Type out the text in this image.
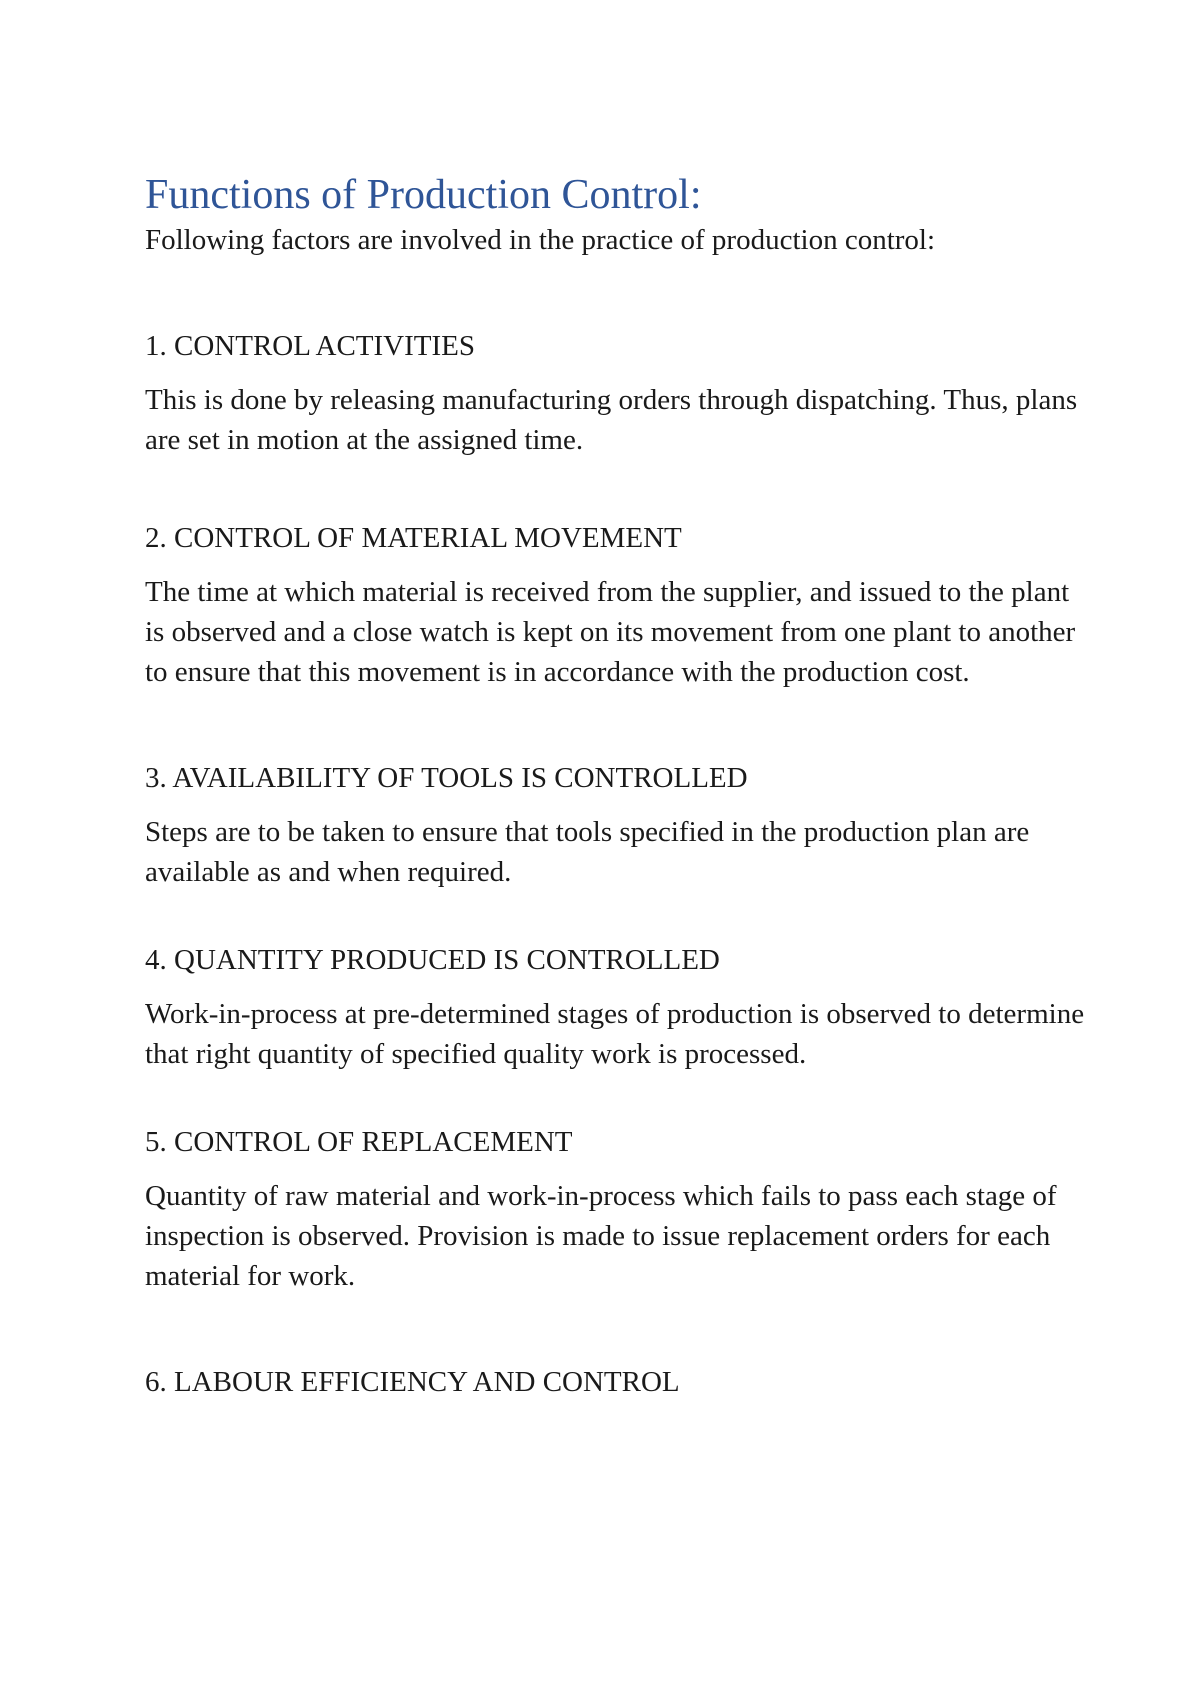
Functions of Production Control:

Following factors are involved in the practice of production control:

1. CONTROL ACTIVITIES

This is done by releasing manufacturing orders through dispatching. Thus, plans are set in motion at the assigned time.

2. CONTROL OF MATERIAL MOVEMENT

The time at which material is received from the supplier, and issued to the plant is observed and a close watch is kept on its movement from one plant to another to ensure that this movement is in accordance with the production cost.

3. AVAILABILITY OF TOOLS IS CONTROLLED

Steps are to be taken to ensure that tools specified in the production plan are available as and when required.

4. QUANTITY PRODUCED IS CONTROLLED

Work-in-process at pre-determined stages of production is observed to determine that right quantity of specified quality work is processed.

5. CONTROL OF REPLACEMENT

Quantity of raw material and work-in-process which fails to pass each stage of inspection is observed. Provision is made to issue replacement orders for each material for work.

6. LABOUR EFFICIENCY AND CONTROL
